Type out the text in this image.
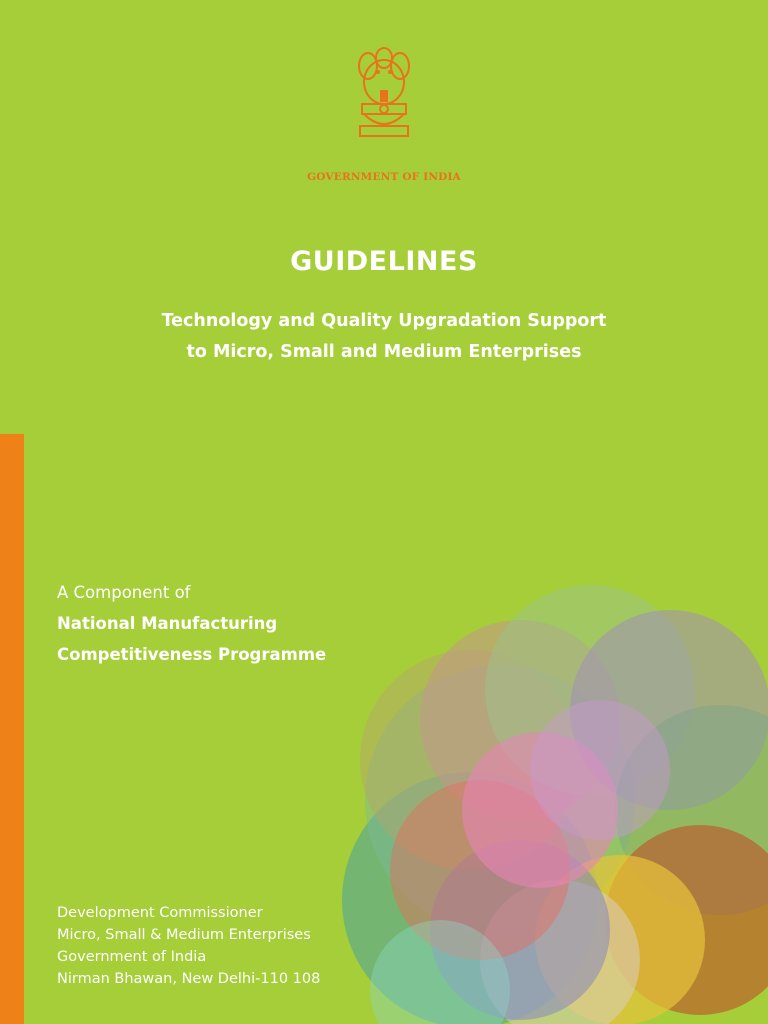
GOVERNMENT OF INDIA
GUIDELINES
Technology and Quality Upgradation Support
to Micro, Small and Medium Enterprises
A Component of
National Manufacturing
Competitiveness Programme
Development Commissioner
Micro, Small & Medium Enterprises
Government of India
Nirman Bhawan, New Delhi-110 108
